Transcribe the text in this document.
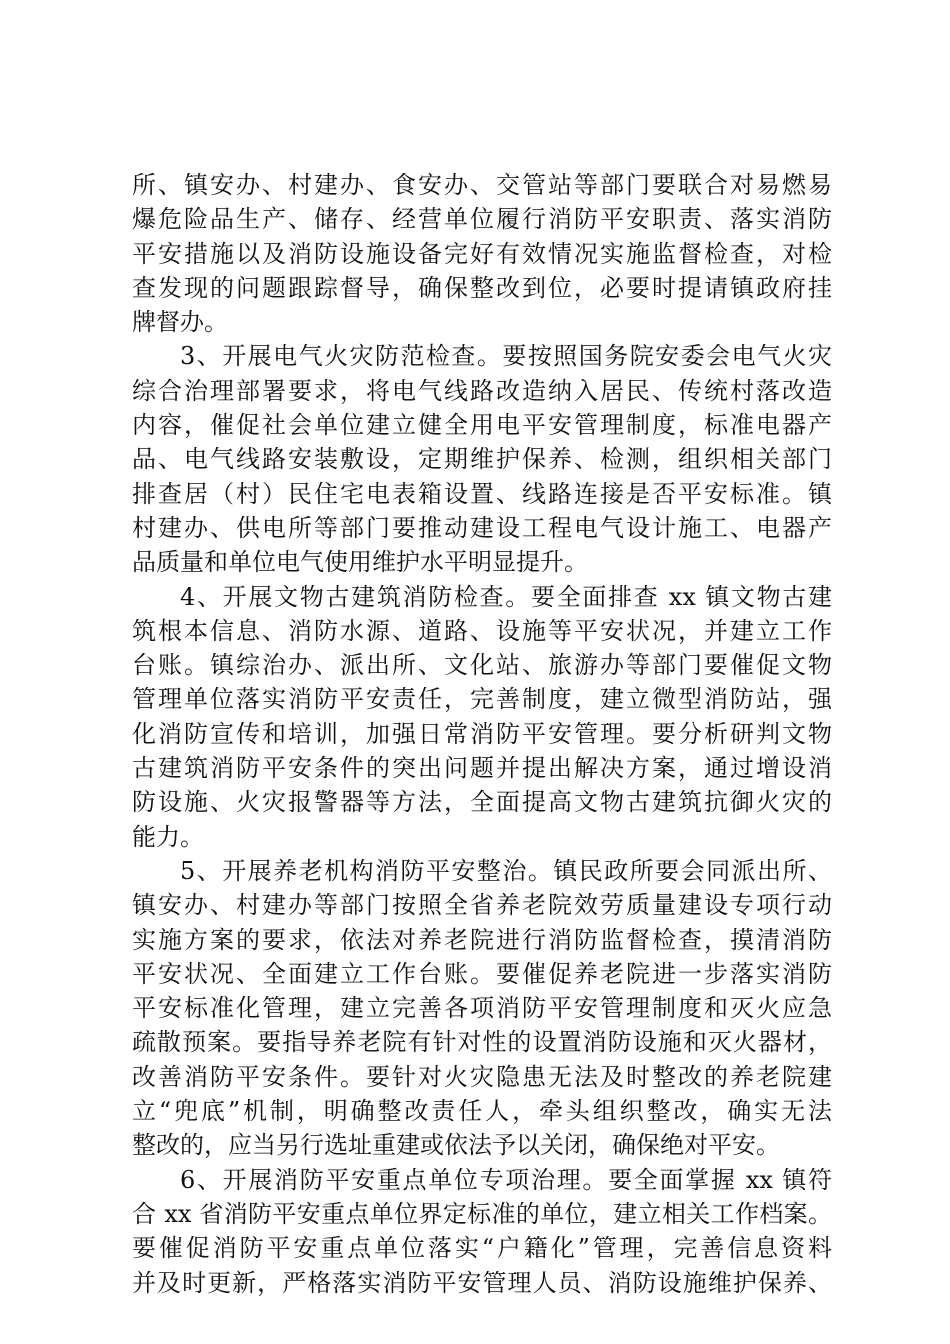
所、镇安办、村建办、食安办、交管站等部门要联合对易燃易
爆危险品生产、储存、经营单位履行消防平安职责、落实消防
平安措施以及消防设施设备完好有效情况实施监督检查，对检
查发现的问题跟踪督导，确保整改到位，必要时提请镇政府挂
牌督办。
3、开展电气火灾防范检查。要按照国务院安委会电气火灾
综合治理部署要求，将电气线路改造纳入居民、传统村落改造
内容，催促社会单位建立健全用电平安管理制度，标准电器产
品、电气线路安装敷设，定期维护保养、检测，组织相关部门
排查居（村）民住宅电表箱设置、线路连接是否平安标准。镇
村建办、供电所等部门要推动建设工程电气设计施工、电器产
品质量和单位电气使用维护水平明显提升。
4、开展文物古建筑消防检查。要全面排查 xx 镇文物古建
筑根本信息、消防水源、道路、设施等平安状况，并建立工作
台账。镇综治办、派出所、文化站、旅游办等部门要催促文物
管理单位落实消防平安责任，完善制度，建立微型消防站，强
化消防宣传和培训，加强日常消防平安管理。要分析研判文物
古建筑消防平安条件的突出问题并提出解决方案，通过增设消
防设施、火灾报警器等方法，全面提高文物古建筑抗御火灾的
能力。
5、开展养老机构消防平安整治。镇民政所要会同派出所、
镇安办、村建办等部门按照全省养老院效劳质量建设专项行动
实施方案的要求，依法对养老院进行消防监督检查，摸清消防
平安状况、全面建立工作台账。要催促养老院进一步落实消防
平安标准化管理，建立完善各项消防平安管理制度和灭火应急
疏散预案。要指导养老院有针对性的设置消防设施和灭火器材，
改善消防平安条件。要针对火灾隐患无法及时整改的养老院建
立“兜底”机制，明确整改责任人，牵头组织整改，确实无法
整改的，应当另行选址重建或依法予以关闭，确保绝对平安。
6、开展消防平安重点单位专项治理。要全面掌握 xx 镇符
合 xx 省消防平安重点单位界定标准的单位，建立相关工作档案。
要催促消防平安重点单位落实“户籍化”管理，完善信息资料
并及时更新，严格落实消防平安管理人员、消防设施维护保养、
